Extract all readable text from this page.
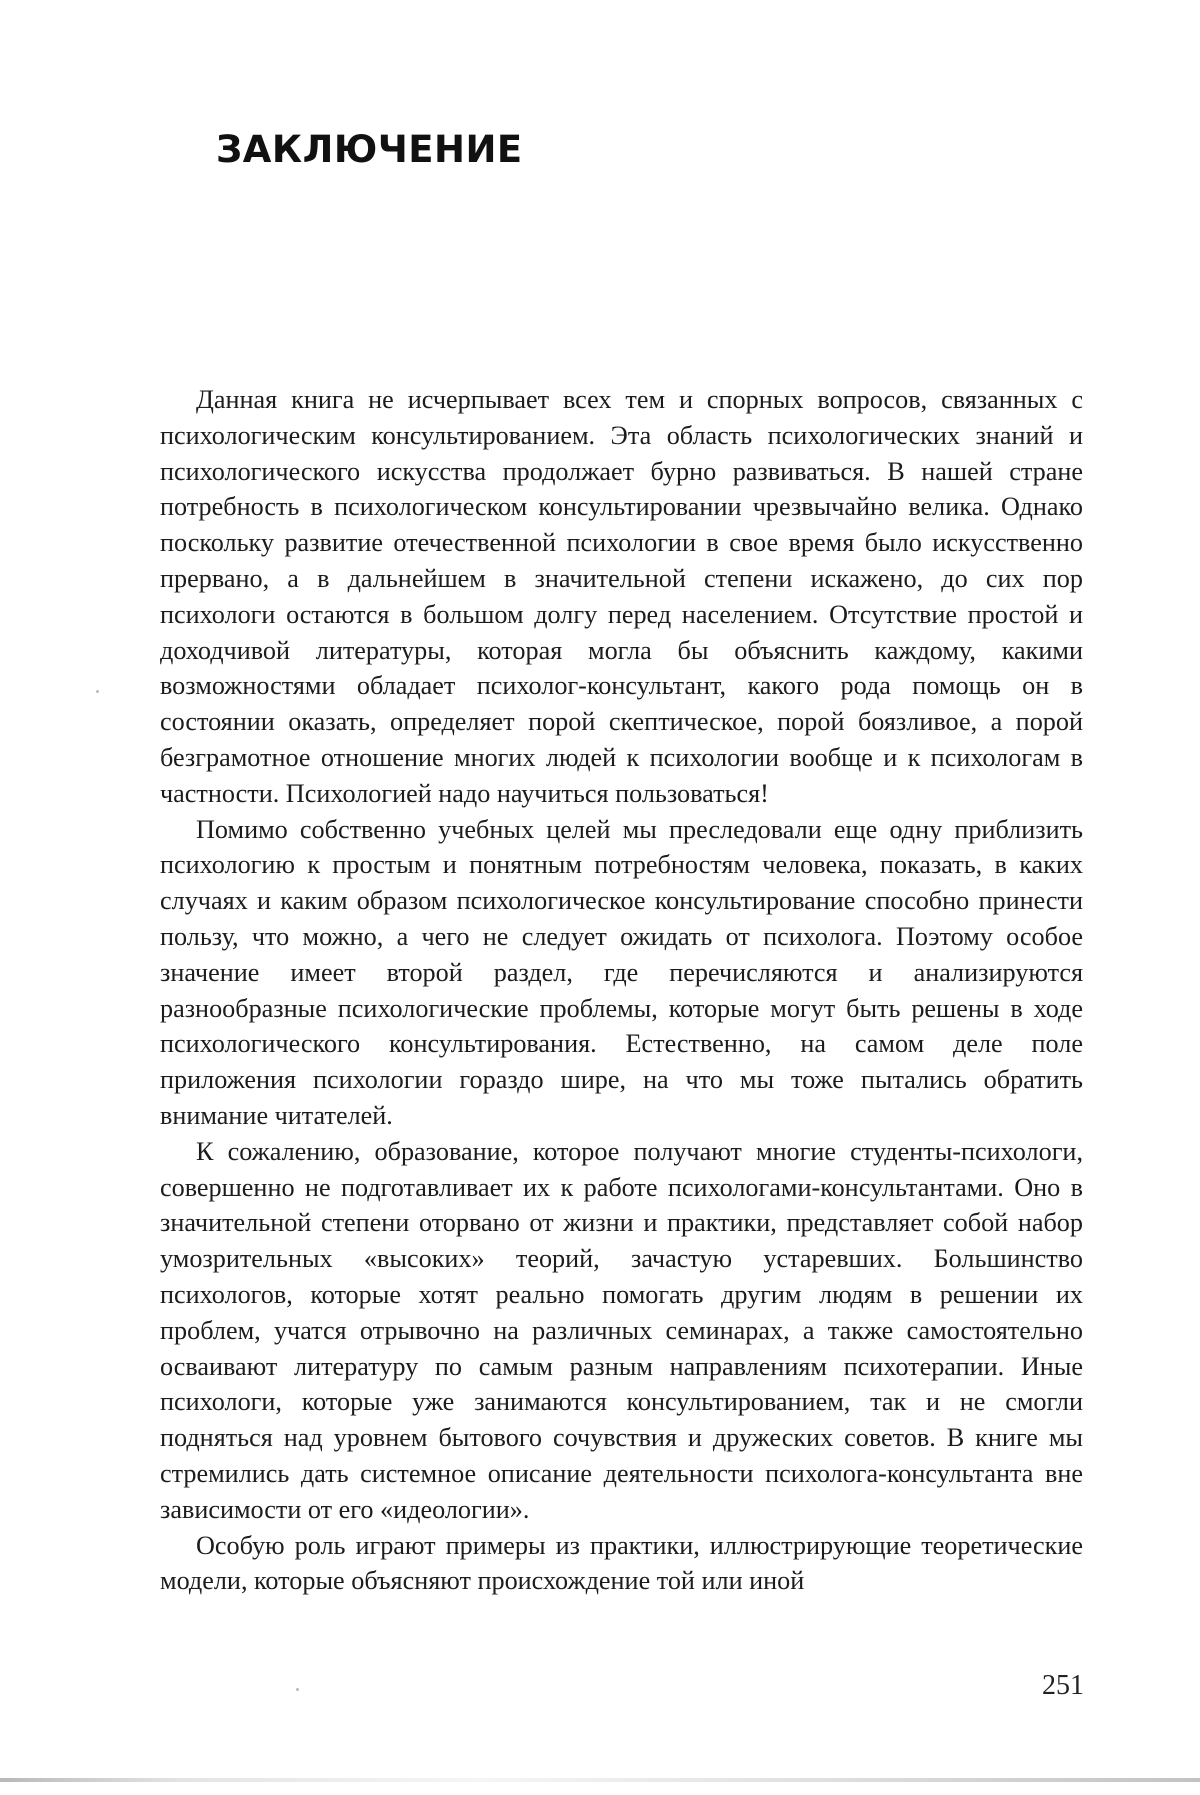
ЗАКЛЮЧЕНИЕ

Данная книга не исчерпывает всех тем и спорных вопросов, связанных с психологическим консультированием. Эта область психологических знаний и психологического искусства продолжает бурно развиваться. В нашей стране потребность в психологическом консультировании чрезвычайно велика. Однако поскольку развитие отечественной психологии в свое время было искусственно прервано, а в дальнейшем в значительной степени искажено, до сих пор психологи остаются в большом долгу перед населением. Отсутствие простой и доходчивой литературы, которая могла бы объяснить каждому, какими возможностями обладает психолог-консультант, какого рода помощь он в состоянии оказать, определяет порой скептическое, порой боязливое, а порой безграмотное отношение многих людей к психологии вообще и к психологам в частности. Психологией надо научиться пользоваться!

Помимо собственно учебных целей мы преследовали еще одну приблизить психологию к простым и понятным потребностям человека, показать, в каких случаях и каким образом психологическое консультирование способно принести пользу, что можно, а чего не следует ожидать от психолога. Поэтому особое значение имеет второй раздел, где перечисляются и анализируются разнообразные психологические проблемы, которые могут быть решены в ходе психологического консультирования. Естественно, на самом деле поле приложения психологии гораздо шире, на что мы тоже пытались обратить внимание читателей.

К сожалению, образование, которое получают многие студенты-психологи, совершенно не подготавливает их к работе психологами-консультантами. Оно в значительной степени оторвано от жизни и практики, представляет собой набор умозрительных «высоких» теорий, зачастую устаревших. Большинство психологов, которые хотят реально помогать другим людям в решении их проблем, учатся отрывочно на различных семинарах, а также самостоятельно осваивают литературу по самым разным направлениям психотерапии. Иные психологи, которые уже занимаются консультированием, так и не смогли подняться над уровнем бытового сочувствия и дружеских советов. В книге мы стремились дать системное описание деятельности психолога-консультанта вне зависимости от его «идеологии».

Особую роль играют примеры из практики, иллюстрирующие теоретические модели, которые объясняют происхождение той или иной

251
